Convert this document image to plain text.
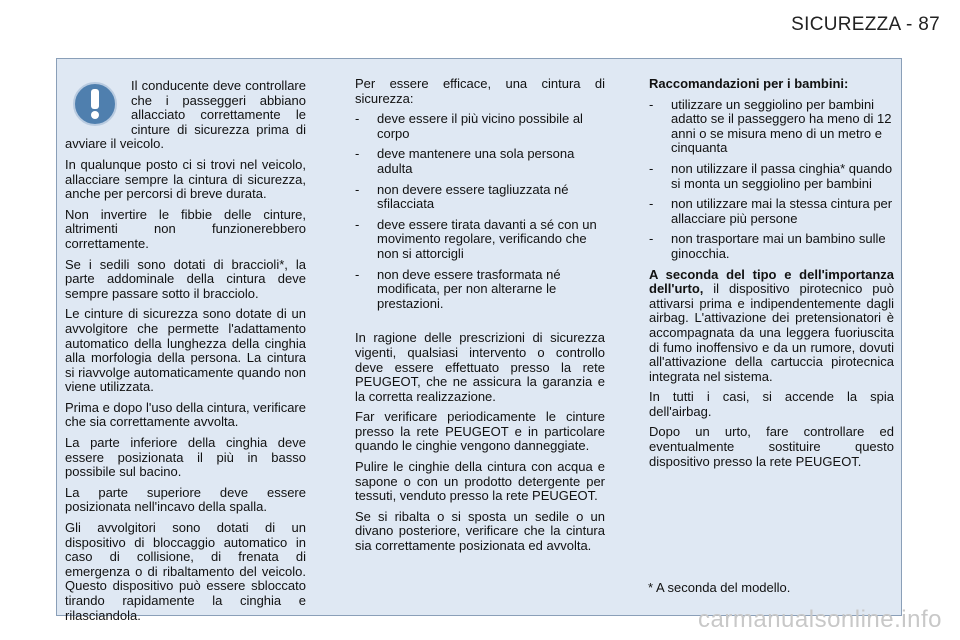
SICUREZZA - 87

Il conducente deve controllare che i passeggeri abbiano allacciato correttamente le cinture di sicurezza prima di avviare il veicolo.

In qualunque posto ci si trovi nel veicolo, allacciare sempre la cintura di sicurezza, anche per percorsi di breve durata.

Non invertire le fibbie delle cinture, altrimenti non funzionerebbero correttamente.

Se i sedili sono dotati di braccioli*, la parte addominale della cintura deve sempre passare sotto il bracciolo.

Le cinture di sicurezza sono dotate di un avvolgitore che permette l'adattamento automatico della lunghezza della cinghia alla morfologia della persona. La cintura si riavvolge automaticamente quando non viene utilizzata.

Prima e dopo l'uso della cintura, verificare che sia correttamente avvolta.

La parte inferiore della cinghia deve essere posizionata il più in basso possibile sul bacino.

La parte superiore deve essere posizionata nell'incavo della spalla.

Gli avvolgitori sono dotati di un dispositivo di bloccaggio automatico in caso di collisione, di frenata di emergenza o di ribaltamento del veicolo. Questo dispositivo può essere sbloccato tirando rapidamente la cinghia e rilasciandola.

Per essere efficace, una cintura di sicurezza:

- deve essere il più vicino possibile al corpo
- deve mantenere una sola persona adulta
- non devere essere tagliuzzata né sfilacciata
- deve essere tirata davanti a sé con un movimento regolare, verificando che non si attorcigli
- non deve essere trasformata né modificata, per non alterarne le prestazioni.

In ragione delle prescrizioni di sicurezza vigenti, qualsiasi intervento o controllo deve essere effettuato presso la rete PEUGEOT, che ne assicura la garanzia e la corretta realizzazione.

Far verificare periodicamente le cinture presso la rete PEUGEOT e in particolare quando le cinghie vengono danneggiate.

Pulire le cinghie della cintura con acqua e sapone o con un prodotto detergente per tessuti, venduto presso la rete PEUGEOT.

Se si ribalta o si sposta un sedile o un divano posteriore, verificare che la cintura sia correttamente posizionata ed avvolta.

Raccomandazioni per i bambini:

- utilizzare un seggiolino per bambini adatto se il passeggero ha meno di 12 anni o se misura meno di un metro e cinquanta
- non utilizzare il passa cinghia* quando si monta un seggiolino per bambini
- non utilizzare mai la stessa cintura per allacciare più persone
- non trasportare mai un bambino sulle ginocchia.

A seconda del tipo e dell'importanza dell'urto, il dispositivo pirotecnico può attivarsi prima e indipendentemente dagli airbag. L'attivazione dei pretensionatori è accompagnata da una leggera fuoriuscita di fumo inoffensivo e da un rumore, dovuti all'attivazione della cartuccia pirotecnica integrata nel sistema.

In tutti i casi, si accende la spia dell'airbag.

Dopo un urto, fare controllare ed eventualmente sostituire questo dispositivo presso la rete PEUGEOT.

* A seconda del modello.
carmanualsonline.info
